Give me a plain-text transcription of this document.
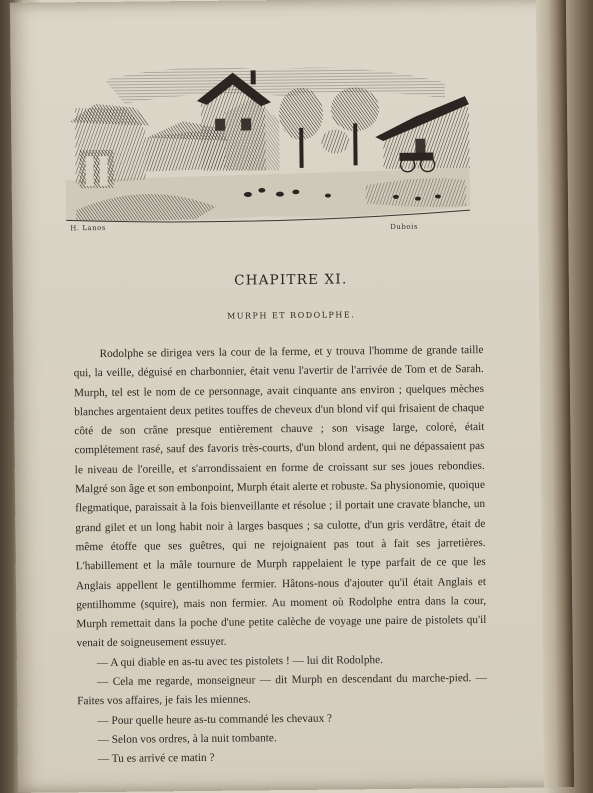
H. Lanos	Dubois
CHAPITRE XI.
MURPH ET RODOLPHE.

Rodolphe se dirigea vers la cour de la ferme, et y trouva l'homme de grande taille qui, la veille, déguisé en charbonnier, était venu l'avertir de l'arrivée de Tom et de Sarah. Murph, tel est le nom de ce personnage, avait cinquante ans environ ; quelques mèches blanches argentaient deux petites touffes de cheveux d'un blond vif qui frisaient de chaque côté de son crâne presque entièrement chauve ; son visage large, coloré, était complétement rasé, sauf des favoris très-courts, d'un blond ardent, qui ne dépassaient pas le niveau de l'oreille, et s'arrondissaient en forme de croissant sur ses joues rebondies. Malgré son âge et son embonpoint, Murph était alerte et robuste. Sa physionomie, quoique flegmatique, paraissait à la fois bienveillante et résolue ; il portait une cravate blanche, un grand gilet et un long habit noir à larges basques ; sa culotte, d'un gris verdâtre, était de même étoffe que ses guêtres, qui ne rejoignaient pas tout à fait ses jarretières. L'habillement et la mâle tournure de Murph rappelaient le type parfait de ce que les Anglais appellent le gentilhomme fermier. Hâtons-nous d'ajouter qu'il était Anglais et gentilhomme (squire), mais non fermier. Au moment où Rodolphe entra dans la cour, Murph remettait dans la poche d'une petite calèche de voyage une paire de pistolets qu'il venait de soigneusement essuyer.

— A qui diable en as-tu avec tes pistolets ! — lui dit Rodolphe.

— Cela me regarde, monseigneur — dit Murph en descendant du marche-pied. — Faites vos affaires, je fais les miennes.

— Pour quelle heure as-tu commandé les chevaux ?

— Selon vos ordres, à la nuit tombante.

— Tu es arrivé ce matin ?
